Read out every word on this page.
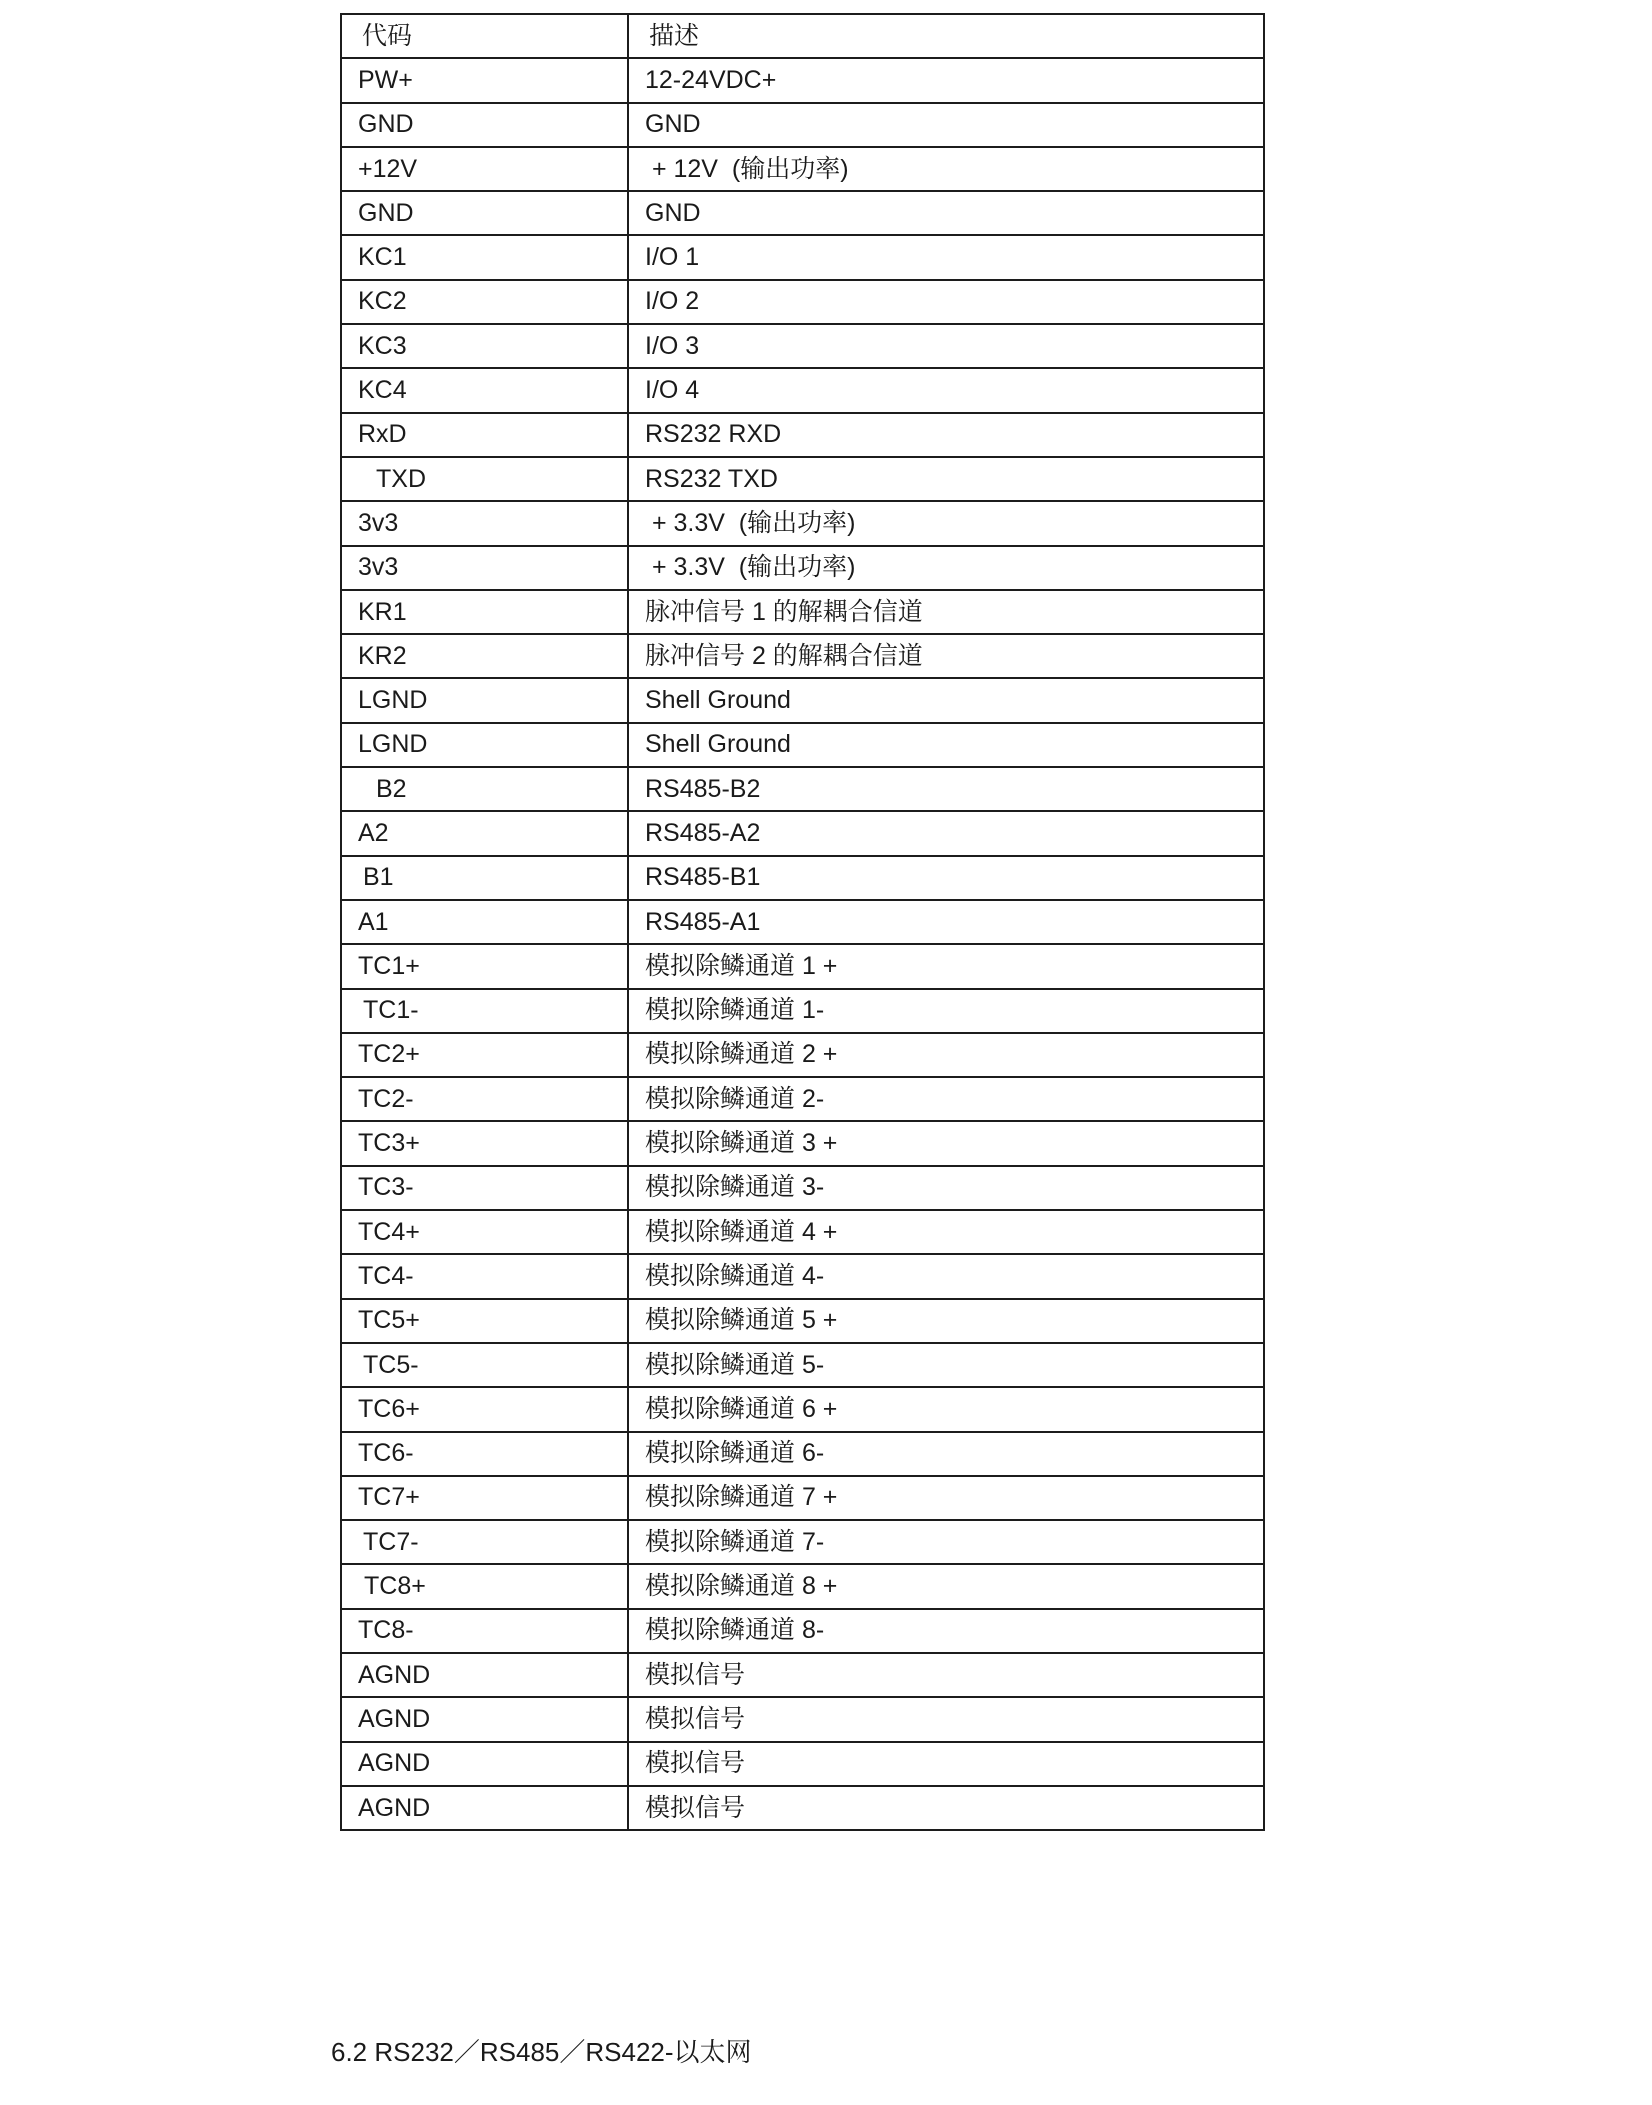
代码	描述
PW+	12-24VDC+
GND	GND
+12V	+ 12V  (输出功率)
GND	GND
KC1	I/O 1
KC2	I/O 2
KC3	I/O 3
KC4	I/O 4
RxD	RS232 RXD
TXD	RS232 TXD
3v3	+ 3.3V  (输出功率)
3v3	+ 3.3V  (输出功率)
KR1	脉冲信号 1 的解耦合信道
KR2	脉冲信号 2 的解耦合信道
LGND	Shell Ground
LGND	Shell Ground
B2	RS485-B2
A2	RS485-A2
B1	RS485-B1
A1	RS485-A1
TC1+	模拟除鳞通道 1 +
TC1-	模拟除鳞通道 1-
TC2+	模拟除鳞通道 2 +
TC2-	模拟除鳞通道 2-
TC3+	模拟除鳞通道 3 +
TC3-	模拟除鳞通道 3-
TC4+	模拟除鳞通道 4 +
TC4-	模拟除鳞通道 4-
TC5+	模拟除鳞通道 5 +
TC5-	模拟除鳞通道 5-
TC6+	模拟除鳞通道 6 +
TC6-	模拟除鳞通道 6-
TC7+	模拟除鳞通道 7 +
TC7-	模拟除鳞通道 7-
TC8+	模拟除鳞通道 8 +
TC8-	模拟除鳞通道 8-
AGND	模拟信号
AGND	模拟信号
AGND	模拟信号
AGND	模拟信号
6.2 RS232／RS485／RS422-以太网
